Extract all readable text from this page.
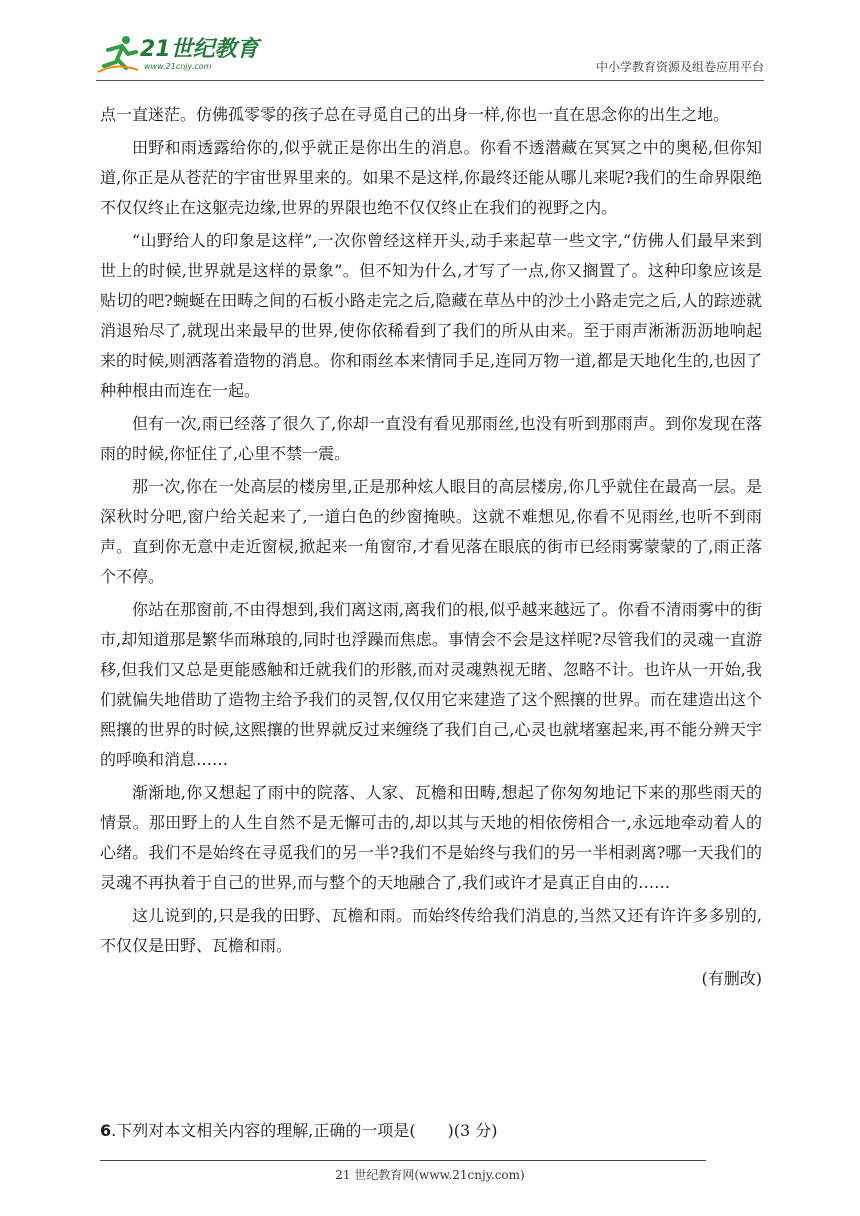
21世纪教育
www.21cnjy.com	中小学教育资源及组卷应用平台

点一直迷茫。仿佛孤零零的孩子总在寻觅自己的出身一样,你也一直在思念你的出生之地。

田野和雨透露给你的,似乎就正是你出生的消息。你看不透潜藏在冥冥之中的奥秘,但你知道,你正是从苍茫的宇宙世界里来的。如果不是这样,你最终还能从哪儿来呢?我们的生命界限绝不仅仅终止在这躯壳边缘,世界的界限也绝不仅仅终止在我们的视野之内。

“山野给人的印象是这样”,一次你曾经这样开头,动手来起草一些文字,“仿佛人们最早来到世上的时候,世界就是这样的景象”。但不知为什么,才写了一点,你又搁置了。这种印象应该是贴切的吧?蜿蜒在田畴之间的石板小路走完之后,隐藏在草丛中的沙土小路走完之后,人的踪迹就消退殆尽了,就现出来最早的世界,使你依稀看到了我们的所从由来。至于雨声淅淅沥沥地响起来的时候,则洒落着造物的消息。你和雨丝本来情同手足,连同万物一道,都是天地化生的,也因了种种根由而连在一起。

但有一次,雨已经落了很久了,你却一直没有看见那雨丝,也没有听到那雨声。到你发现在落雨的时候,你怔住了,心里不禁一震。

那一次,你在一处高层的楼房里,正是那种炫人眼目的高层楼房,你几乎就住在最高一层。是深秋时分吧,窗户给关起来了,一道白色的纱窗掩映。这就不难想见,你看不见雨丝,也听不到雨声。直到你无意中走近窗棂,掀起来一角窗帘,才看见落在眼底的街市已经雨雾蒙蒙的了,雨正落个不停。

你站在那窗前,不由得想到,我们离这雨,离我们的根,似乎越来越远了。你看不清雨雾中的街市,却知道那是繁华而琳琅的,同时也浮躁而焦虑。事情会不会是这样呢?尽管我们的灵魂一直游移,但我们又总是更能感触和迁就我们的形骸,而对灵魂熟视无睹、忽略不计。也许从一开始,我们就偏失地借助了造物主给予我们的灵智,仅仅用它来建造了这个熙攘的世界。而在建造出这个熙攘的世界的时候,这熙攘的世界就反过来缠绕了我们自己,心灵也就堵塞起来,再不能分辨天宇的呼唤和消息……

渐渐地,你又想起了雨中的院落、人家、瓦檐和田畴,想起了你匆匆地记下来的那些雨天的情景。那田野上的人生自然不是无懈可击的,却以其与天地的相依傍相合一,永远地牵动着人的心绪。我们不是始终在寻觅我们的另一半?我们不是始终与我们的另一半相剥离?哪一天我们的灵魂不再执着于自己的世界,而与整个的天地融合了,我们或许才是真正自由的……

这儿说到的,只是我的田野、瓦檐和雨。而始终传给我们消息的,当然又还有许许多多别的,不仅仅是田野、瓦檐和雨。

(有删改)

6.下列对本文相关内容的理解,正确的一项是(　　)(3 分)
21 世纪教育网(www.21cnjy.com)
